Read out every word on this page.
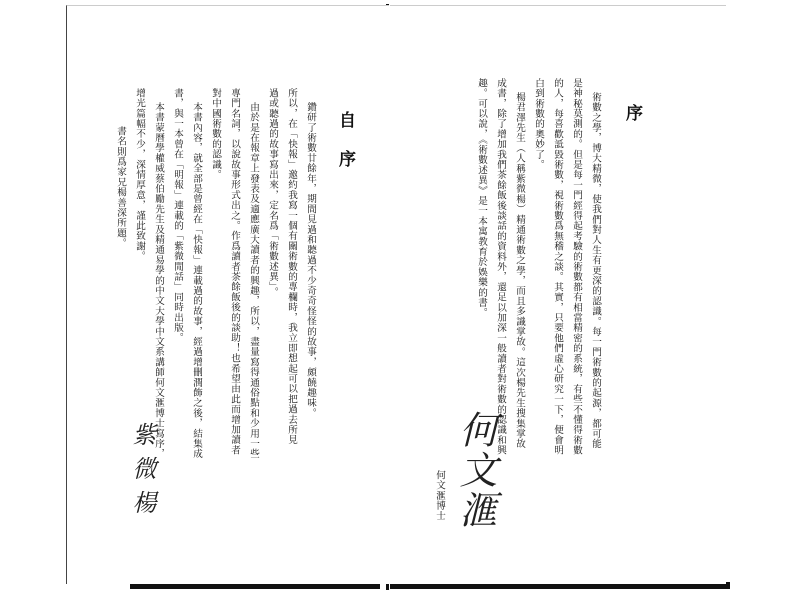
自序
鑽研了術數廿餘年，期間見過和聽過不少奇奇怪怪的故事，頗饒趣味。
所以，在「快報」邀約我寫一個有關術數的專欄時，我立即想起可以把過去所見
過或聽過的故事寫出來，定名爲「術數述異」。
由於是在報章上發表及適應廣大讀者的興趣，所以，盡量寫得通俗點和少用一些
專門名詞，以說故事形式出之。作爲讀者茶餘飯後的談助！也希望由此而增加讀者
對中國術數的認識。
本書內容，就全部是曾經在「快報」連載過的故事，經過增刪潤飾之後，結集成
書，與一本曾在「明報」連載的「紫微閒話」同時出版。
本書蒙曆學權威蔡伯勵先生及精通易學的中文大學中文系講師何文滙博士寫序，
增光篇幅不少，深情厚意，謹此致謝。
書名則爲家兄楊善深所題。
紫微楊
序
術數之學，博大精微，使我們對人生有更深的認識。每一門術數的起源，都可能
是神秘莫測的。但是每一門經得起考驗的術數都有相當精密的系統，有些不懂得術數
的人，每喜歡詆毀術數，視術數爲無稽之談。其實，只要他們虛心研究一下，便會明
白到術數的奧妙了。
楊君澤先生（人稱紫微楊）精通術數之學，而且多識掌故。這次楊先生搜集掌故
成書，除了增加我們茶餘飯後談話的資料外，還足以加深一般讀者對術數的認識和興
趣。可以說，《術數述異》是一本寓教育於娛樂的書。
何文滙博士 何文滙
